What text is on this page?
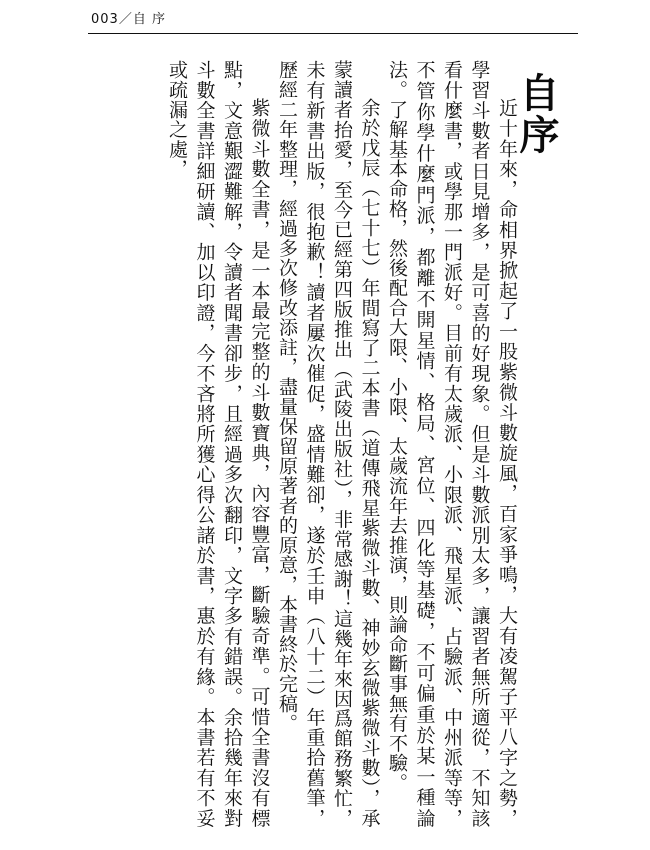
003／自 序
自序

近十年來，命相界掀起了一股紫微斗數旋風，百家爭鳴，大有凌駕子平八字之勢，學習斗數者日見增多，是可喜的好現象。但是斗數派別太多，讓習者無所適從，不知該看什麼書，或學那一門派好。目前有太歲派、小限派、飛星派、占驗派、中州派等等，不管你學什麼門派，都離不開星情、格局、宮位、四化等基礎，不可偏重於某一種論法。了解基本命格，然後配合大限、小限、太歲流年去推演，則論命斷事無有不驗。

余於戊辰（七十七）年間寫了二本書（道傳飛星紫微斗數、神妙玄微紫微斗數），承蒙讀者抬愛，至今已經第四版推出（武陵出版社），非常感謝！這幾年來因爲館務繁忙，未有新書出版，很抱歉！讀者屢次催促，盛情難卻，遂於壬申（八十二）年重拾舊筆，歷經二年整理，經過多次修改添註，盡量保留原著者的原意，本書終於完稿。

紫微斗數全書，是一本最完整的斗數寶典，內容豐富，斷驗奇準。可惜全書沒有標點，文意艱澀難解，令讀者聞書卻步，且經過多次翻印，文字多有錯誤。余拾幾年來對斗數全書詳細研讀、加以印證，今不吝將所獲心得公諸於書，惠於有緣。本書若有不妥或疏漏之處，
